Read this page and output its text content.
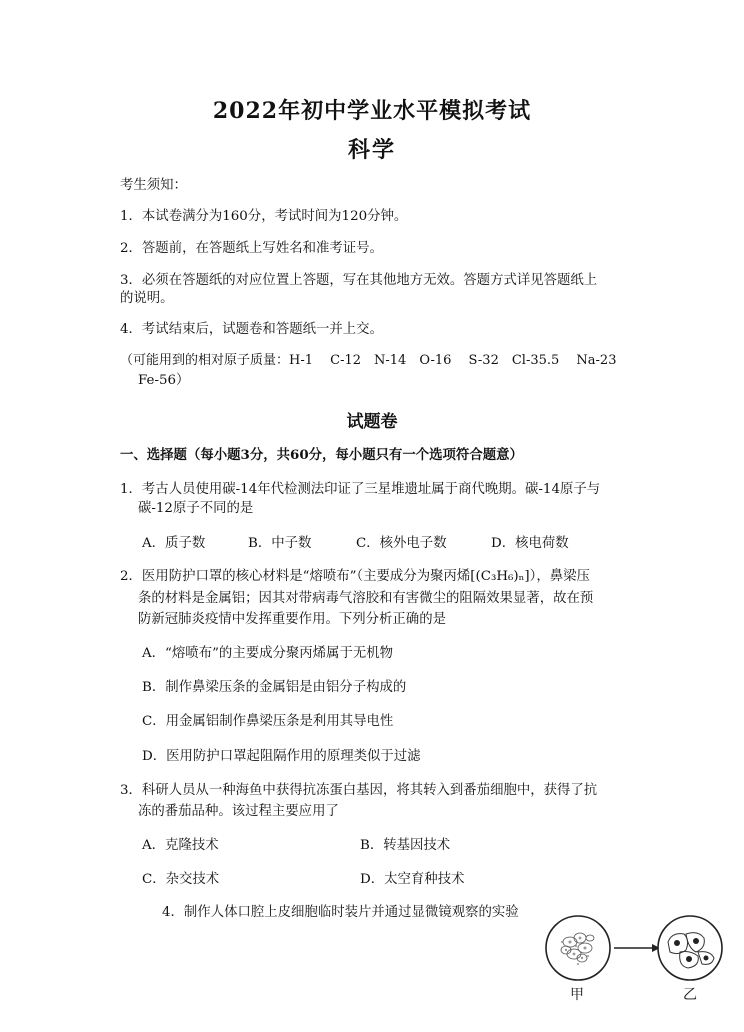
2022年初中学业水平模拟考试
科学
考生须知：
1．本试卷满分为160分，考试时间为120分钟。
2．答题前，在答题纸上写姓名和准考证号。
3．必须在答题纸的对应位置上答题，写在其他地方无效。答题方式详见答题纸上
的说明。
4．考试结束后，试题卷和答题纸一并上交。
（可能用到的相对原子质量：H-1　 C-12　N-14　O-16　 S-32　Cl-35.5　 Na-23
Fe-56）
试题卷
一、选择题（每小题3分，共60分，每小题只有一个选项符合题意）
1．考古人员使用碳-14年代检测法印证了三星堆遗址属于商代晚期。碳-14原子与
碳-12原子不同的是
A．质子数	B．中子数	C．核外电子数	D．核电荷数
2．医用防护口罩的核心材料是“熔喷布”（主要成分为聚丙烯[(C₃H₆)ₙ]），鼻梁压
条的材料是金属铝；因其对带病毒气溶胶和有害微尘的阻隔效果显著，故在预
防新冠肺炎疫情中发挥重要作用。下列分析正确的是
A．“熔喷布”的主要成分聚丙烯属于无机物
B．制作鼻梁压条的金属铝是由铝分子构成的
C．用金属铝制作鼻梁压条是利用其导电性
D．医用防护口罩起阻隔作用的原理类似于过滤
3．科研人员从一种海鱼中获得抗冻蛋白基因，将其转入到番茄细胞中，获得了抗
冻的番茄品种。该过程主要应用了
A．克隆技术	B．转基因技术
C．杂交技术	D．太空育种技术
4．制作人体口腔上皮细胞临时装片并通过显微镜观察的实验
甲	乙
